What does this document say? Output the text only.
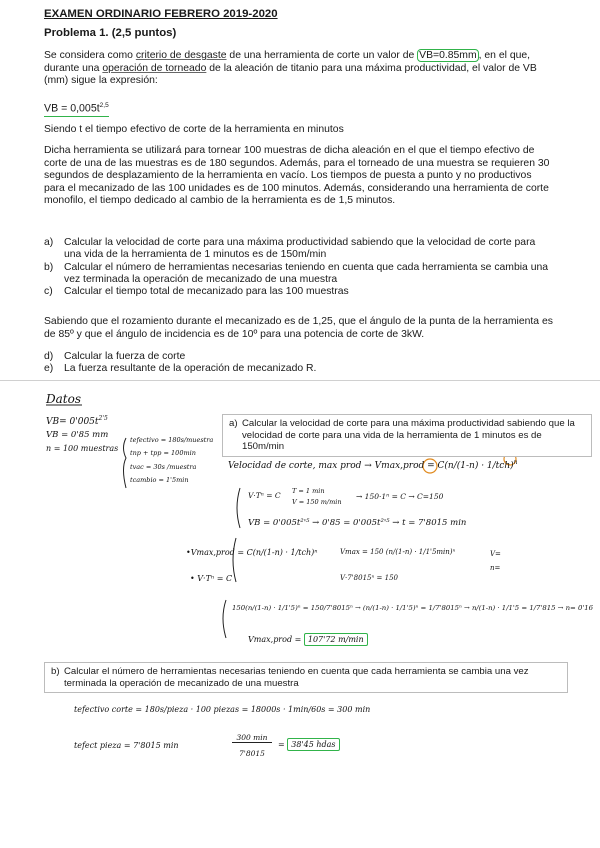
EXAMEN ORDINARIO FEBRERO 2019-2020
Problema 1. (2,5 puntos)

Se considera como criterio de desgaste de una herramienta de corte un valor de VB=0.85mm , en el que, durante una operación de torneado de la aleación de titanio para una máxima productividad, el valor de VB (mm) sigue la expresión:

VB = $0,005t^{2,5}$

Siendo t el tiempo efectivo de corte de la herramienta en minutos

Dicha herramienta se utilizará para tornear 100 muestras de dicha aleación en el que el tiempo efectivo de corte de una de las muestras es de 180 segundos. Además, para el torneado de una muestra se requieren 30 segundos de desplazamiento de la herramienta en vacío. Los tiempos de puesta a punto y no productivos para el mecanizado de las 100 unidades es de 100 minutos. Además, considerando una herramienta de corte monofilo, el tiempo dedicado al cambio de la herramienta es de 1,5 minutos.

a) Calcular la velocidad de corte para una máxima productividad sabiendo que la velocidad de corte para una vida de la herramienta de 1 minutos es de 150m/min
b) Calcular el número de herramientas necesarias teniendo en cuenta que cada herramienta se cambia una vez terminada la operación de mecanizado de una muestra
c) Calcular el tiempo total de mecanizado para las 100 muestras

Sabiendo que el rozamiento durante el mecanizado es de 1,25, que el ángulo de la punta de la herramienta es de 85º y que el ángulo de incidencia es de 10º para una potencia de corte de 3kW.

d) Calcular la fuerza de corte
e) La fuerza resultante de la operación de mecanizado R.
Datos
$VB= 0'005t^{2'5}$
VB = 0'85 mm
n = 100 muestras
tefectivo = 180s/muestra
tnp + tpp = 100min
tvac = 30s /muestra
tcambio = 1'5min
a) Calcular la velocidad de corte para una máxima productividad sabiendo que la velocidad de corte para una vida de la herramienta de 1 minutos es de 150m/min
Velocidad de corte, max prod → Vmax,prod = $C(n/(1-n) \cdot 1/tch)^n$
V·Tⁿ = C T = 1 min
V = 150 m/min
→ 150·1ⁿ = C → C=150
VB = 0'005t²'⁵ → 0'85 = 0'005t²'⁵ → t = 7'8015 min
•Vmax,prod = C(n/(1-n) · 1/tch)ⁿ
• V·Tⁿ = C
Vmax = 150 (n/(1-n) · 1/1'5min)ⁿ
V·7'8015ⁿ = 150
V=
n=
150(n/(1-n) · 1/1'5)ⁿ = 150/7'8015ⁿ → (n/(1-n) · 1/1'5)ⁿ = 1/7'8015ⁿ → n/(1-n) · 1/1'5 = 1/7'815 → n= 0'16
Vmax,prod = 107'72 m/min
b) Calcular el número de herramientas necesarias teniendo en cuenta que cada herramienta se cambia una vez terminada la operación de mecanizado de una muestra
tefectivo corte = 180s/pieza · 100 piezas = 18000s · 1min/60s = 300 min
tefect pieza = 7'8015 min
300 min
7'8015
= 38'45 hdas
